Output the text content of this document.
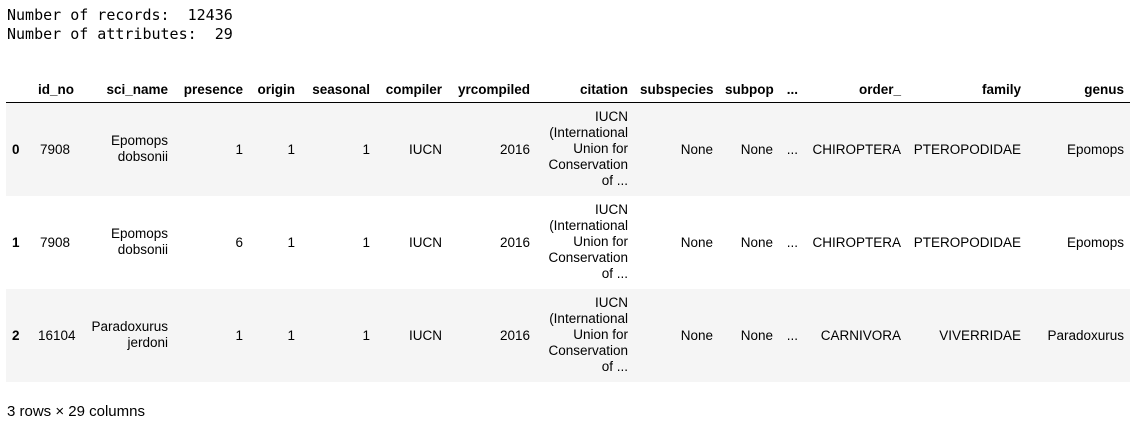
Number of records:  12436
Number of attributes:  29
	id_no	sci_name	presence	origin	seasonal	compiler	yrcompiled	citation	subspecies	subpop	...	order_	family	genus
0	7908	Epomops dobsonii	1	1	1	IUCN	2016	IUCN (International Union for Conservation of ...	None	None	...	CHIROPTERA	PTEROPODIDAE	Epomops
1	7908	Epomops dobsonii	6	1	1	IUCN	2016	IUCN (International Union for Conservation of ...	None	None	...	CHIROPTERA	PTEROPODIDAE	Epomops
2	16104	Paradoxurus jerdoni	1	1	1	IUCN	2016	IUCN (International Union for Conservation of ...	None	None	...	CARNIVORA	VIVERRIDAE	Paradoxurus
3 rows × 29 columns
